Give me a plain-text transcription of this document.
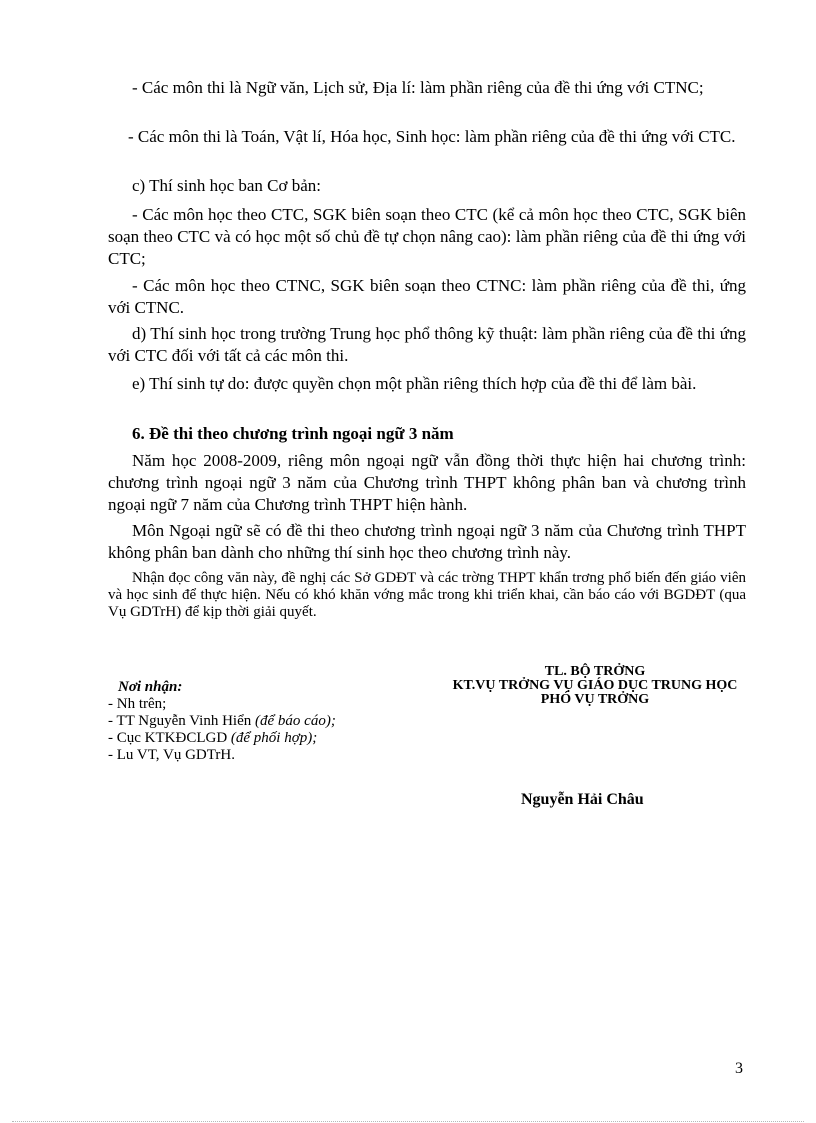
- Các môn thi là Ngữ văn, Lịch sử, Địa lí: làm phần riêng của đề thi ứng với CTNC;

- Các môn thi là Toán, Vật lí, Hóa học, Sinh học: làm phần riêng của đề thi ứng với CTC.

c) Thí sinh học ban Cơ bản:

- Các môn học theo CTC, SGK biên soạn theo CTC (kể cả môn học theo CTC, SGK biên soạn theo CTC và có học một số chủ đề tự chọn nâng cao): làm phần riêng của đề thi ứng với CTC;

- Các môn học theo CTNC, SGK biên soạn theo CTNC: làm phần riêng của đề thi, ứng với CTNC.

d) Thí sinh học trong trường Trung học phổ thông kỹ thuật: làm phần riêng của đề thi ứng với CTC đối với tất cả các môn thi.

e) Thí sinh tự do: được quyền chọn một phần riêng thích hợp của đề thi để làm bài.

6. Đề thi theo chương trình ngoại ngữ 3 năm

Năm học 2008-2009, riêng môn ngoại ngữ vẫn đồng thời thực hiện hai chương trình: chương trình ngoại ngữ 3 năm của Chương trình THPT không phân ban và chương trình ngoại ngữ 7 năm của Chương trình THPT hiện hành.

Môn Ngoại ngữ sẽ có đề thi theo chương trình ngoại ngữ 3 năm của Chương trình THPT không phân ban dành cho những thí sinh học theo chương trình này.

Nhận đọc công văn này, đề nghị các Sở GDĐT và các trờng THPT khẩn trơng phổ biến đến giáo viên và học sinh để thực hiện. Nếu có khó khăn vớng mắc trong khi triển khai, cần báo cáo với BGDĐT (qua Vụ GDTrH) để kịp thời giải quyết.

TL. BỘ TRỞNG
KT.VỤ TRỞNG VỤ GIÁO DỤC TRUNG HỌC
PHÓ VỤ TRỞNG
Nơi nhận:
- Nh trên;
- TT Nguyễn Vinh Hiển (để báo cáo);
- Cục KTKĐCLGD (để phối hợp);
- Lu VT, Vụ GDTrH.
Nguyễn Hải Châu
3
